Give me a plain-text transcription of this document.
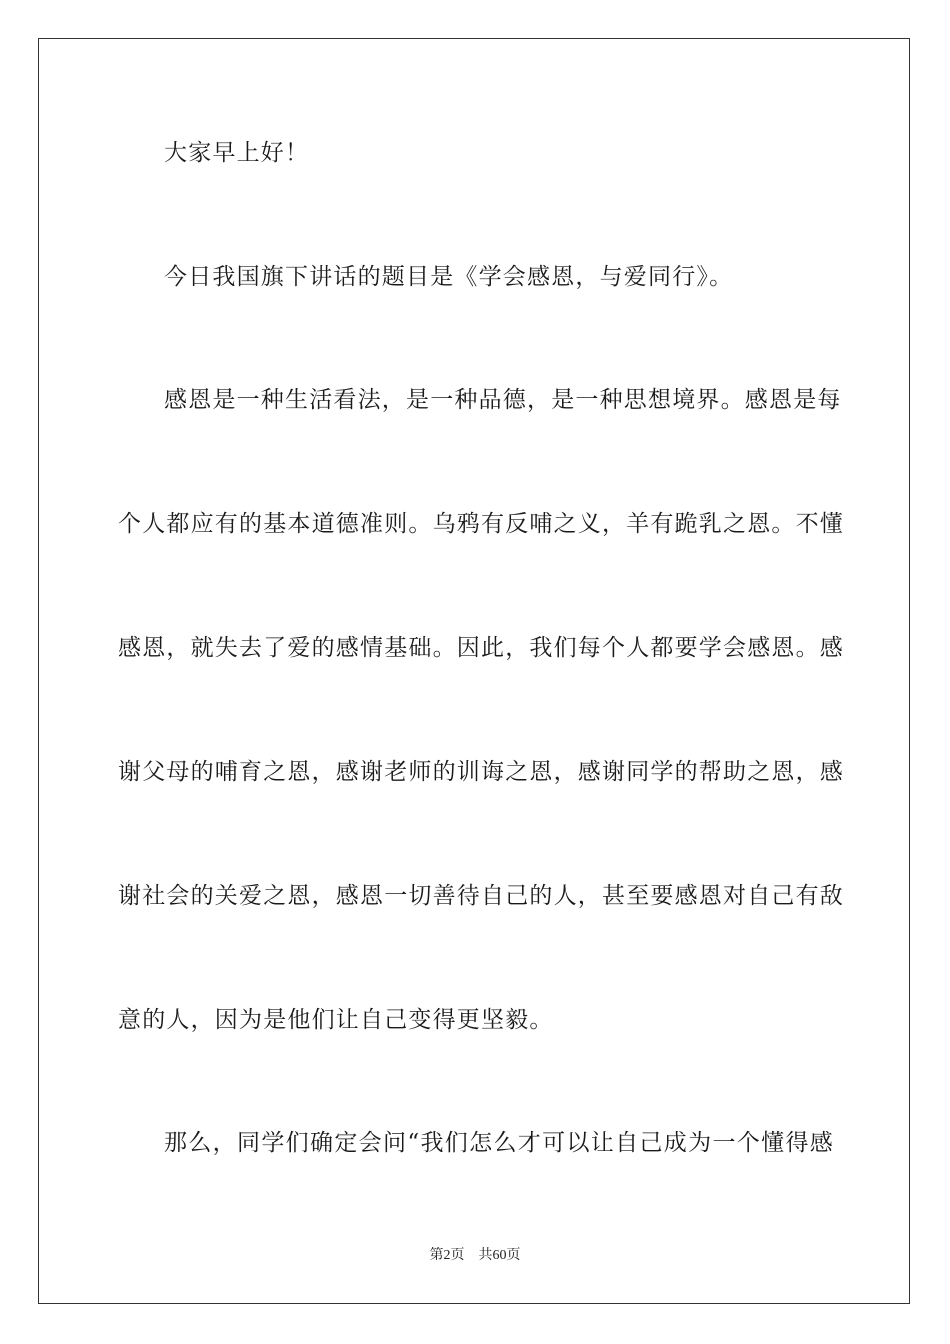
大家早上好！
今日我国旗下讲话的题目是《学会感恩，与爱同行》。
感恩是一种生活看法，是一种品德，是一种思想境界。感恩是每
个人都应有的基本道德准则。乌鸦有反哺之义，羊有跪乳之恩。不懂
感恩，就失去了爱的感情基础。因此，我们每个人都要学会感恩。感
谢父母的哺育之恩，感谢老师的训诲之恩，感谢同学的帮助之恩，感
谢社会的关爱之恩，感恩一切善待自己的人，甚至要感恩对自己有敌
意的人，因为是他们让自己变得更坚毅。
那么，同学们确定会问“我们怎么才可以让自己成为一个懂得感
第2页 共60页
